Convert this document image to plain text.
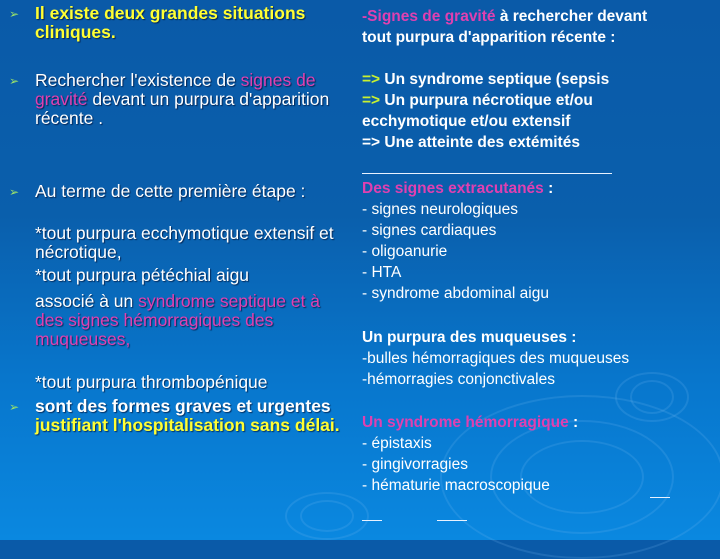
➢ Il existe deux grandes situations cliniques.
➢ Rechercher l'existence de signes de gravité devant un purpura d'apparition récente .
➢ Au terme de cette première étape :
*tout purpura ecchymotique extensif et nécrotique,
*tout purpura pétéchial aigu
associé à un syndrome septique et à des signes hémorragiques des muqueuses,
*tout purpura thrombopénique
➢ sont des formes graves et urgentes justifiant l'hospitalisation sans délai.
-Signes de gravité à rechercher devant
tout purpura d'apparition récente :
=> Un syndrome septique (sepsis
=> Un purpura nécrotique et/ou
ecchymotique et/ou extensif
=> Une atteinte des extémités
Des signes extracutanés :
- signes neurologiques
- signes cardiaques
- oligoanurie
- HTA
- syndrome abdominal aigu
Un purpura des muqueuses :
-bulles hémorragiques des muqueuses
-hémorragies conjonctivales
Un syndrome hémorragique :
- épistaxis
- gingivorragies
- hématurie macroscopique
